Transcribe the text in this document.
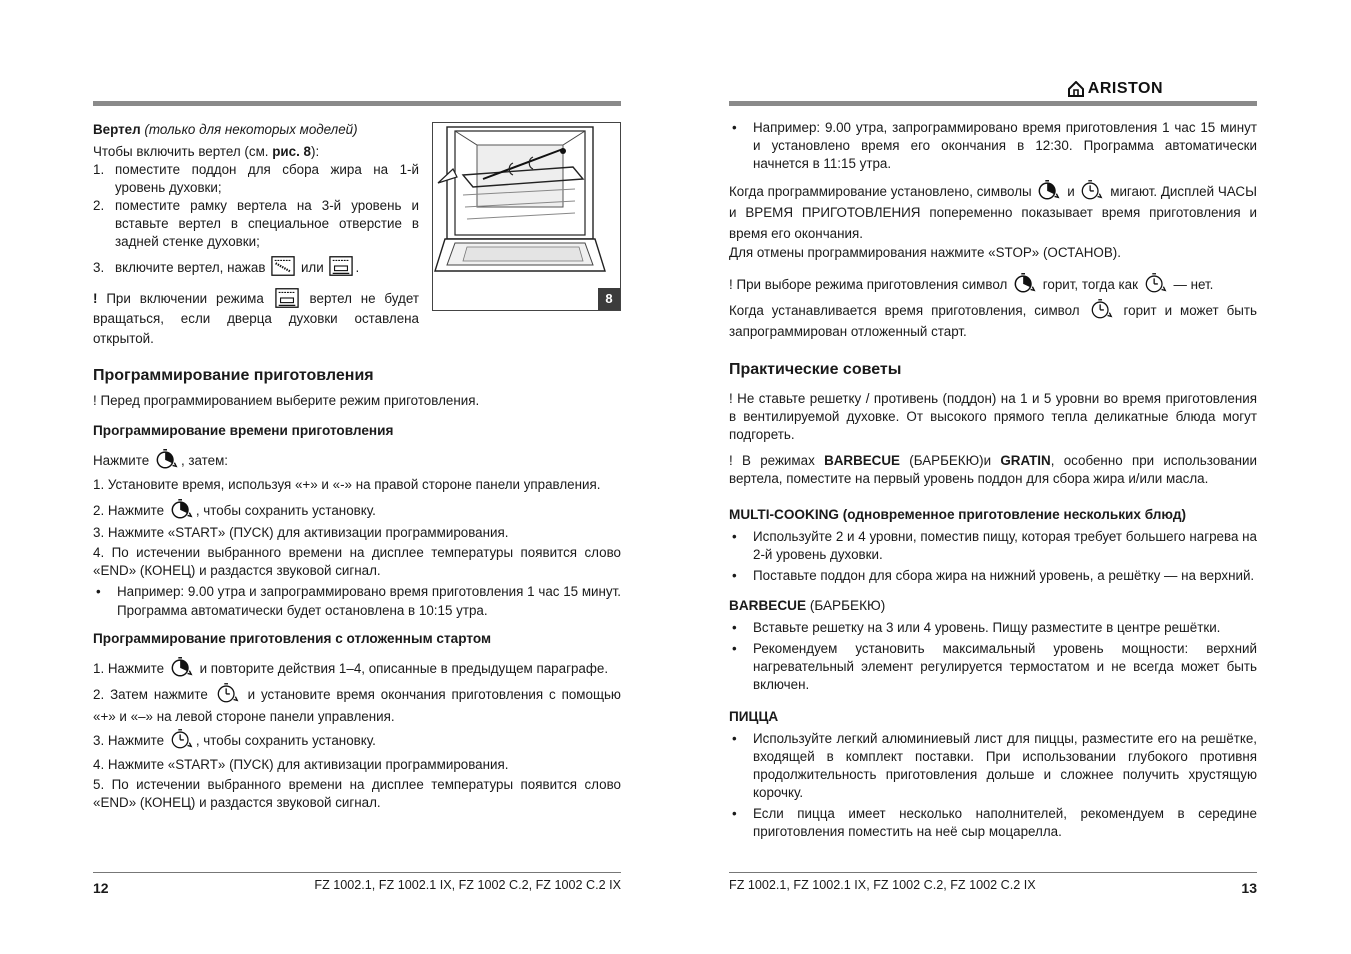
Вертел (только для некоторых моделей)

Чтобы включить вертел (см. рис. 8):

1. поместите поддон для сбора жира на 1-й уровень духовки;
2. поместите рамку вертела на 3-й уровень и вставьте вертел в специальное отверстие в задней стенке духовки;
3. включите вертел, нажав	или .

! При включении режима	вертел не будет вращаться, если дверца духовки оставлена открытой.

8
Программирование приготовления

! Перед программированием выберите режим приготовления.

Программирование времени приготовления

Нажмите , затем:

1. Установите время, используя «+» и «-» на правой стороне панели управления.

2. Нажмите , чтобы сохранить установку.

3. Нажмите «START» (ПУСК) для активизации программирования.

4. По истечении выбранного времени на дисплее температуры появится слово «END» (КОНЕЦ) и раздастся звуковой сигнал.

• Например: 9.00 утра и запрограммировано время приготовления 1 час 15 минут. Программа автоматически будет остановлена в 10:15 утра.
Программирование приготовления с отложенным стартом

1. Нажмите	и повторите действия 1–4, описанные в предыдущем параграфе.

2. Затем нажмите	и установите время окончания приготовления с помощью «+» и «–» на левой стороне панели управления.

3. Нажмите , чтобы сохранить установку.

4. Нажмите «START» (ПУСК) для активизации программирования.

5. По истечении выбранного времени на дисплее температуры появится слово «END» (КОНЕЦ) и раздастся звуковой сигнал.

12	FZ 1002.1, FZ 1002.1 IX, FZ 1002 C.2, FZ 1002 C.2 IX
ARISTON
• Например: 9.00 утра, запрограммировано время приготовления 1 час 15 минут и установлено время его окончания в 12:30. Программа автоматически начнется в 11:15 утра.

Когда программирование установлено, символы	и	мигают. Дисплей ЧАСЫ и ВРЕМЯ ПРИГОТОВЛЕНИЯ попеременно показывает время приготовления и время его окончания.

Для отмены программирования нажмите «STOP» (ОСТАНОВ).

! При выборе режима приготовления символ	горит, тогда как	— нет.

Когда устанавливается время приготовления, символ	горит и может быть запрограммирован отложенный старт.

Практические советы

! Не ставьте решетку / противень (поддон) на 1 и 5 уровни во время приготовления в вентилируемой духовке. От высокого прямого тепла деликатные блюда могут подгореть.

! В режимах BARBECUE (БАРБЕКЮ)и GRATIN, особенно при использовании вертела, поместите на первый уровень поддон для сбора жира и/или масла.

MULTI-COOKING (одновременное приготовление нескольких блюд)
• Используйте 2 и 4 уровни, поместив пищу, которая требует большего нагрева на 2-й уровень духовки.
• Поставьте поддон для сбора жира на нижний уровень, а решётку — на верхний.
BARBECUE (БАРБЕКЮ)
• Вставьте решетку на 3 или 4 уровень. Пищу разместите в центре решётки.
• Рекомендуем установить максимальный уровень мощности: верхний нагревательный элемент регулируется термостатом и не всегда может быть включен.
ПИЦЦА
• Используйте легкий алюминиевый лист для пиццы, разместите его на решётке, входящей в комплект поставки. При использовании глубокого противня продолжительность приготовления дольше и сложнее получить хрустящую корочку.
• Если пицца имеет несколько наполнителей, рекомендуем в середине приготовления поместить на неё сыр моцарелла.
FZ 1002.1, FZ 1002.1 IX, FZ 1002 C.2, FZ 1002 C.2 IX	13
